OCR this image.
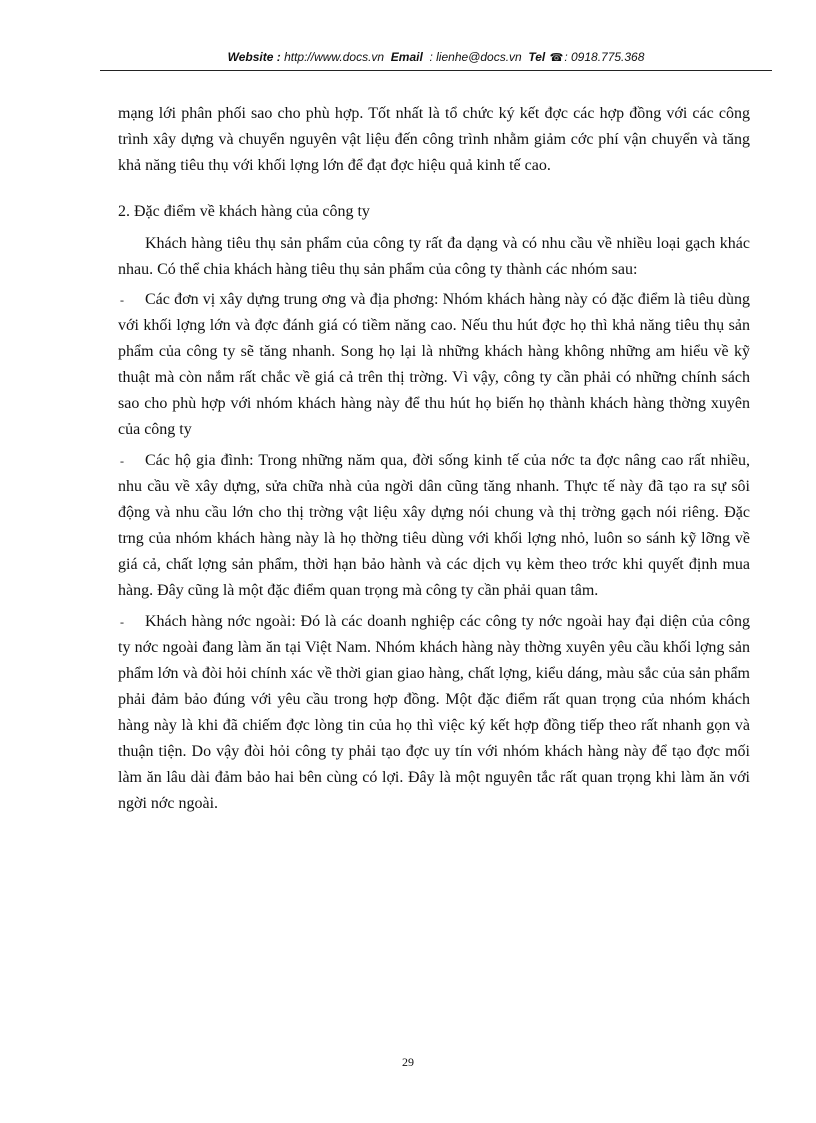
Website : http://www.docs.vn Email : lienhe@docs.vn Tel ☎: 0918.775.368

mạng lới phân phối sao cho phù hợp. Tốt nhất là tổ chức ký kết đợc các hợp đồng với các công trình xây dựng và chuyển nguyên vật liệu đến công trình nhằm giảm cớc phí vận chuyển và tăng khả năng tiêu thụ với khối lợng lớn để đạt đợc hiệu quả kinh tế cao.

2. Đặc điểm về khách hàng của công ty

Khách hàng tiêu thụ sản phẩm của công ty rất đa dạng và có nhu cầu về nhiều loại gạch khác nhau. Có thể chia khách hàng tiêu thụ sản phẩm của công ty thành các nhóm sau:

- Các đơn vị xây dựng trung ơng và địa phơng: Nhóm khách hàng này có đặc điểm là tiêu dùng với khối lợng lớn và đợc đánh giá có tiềm năng cao. Nếu thu hút đợc họ thì khả năng tiêu thụ sản phẩm của công ty sẽ tăng nhanh. Song họ lại là những khách hàng không những am hiểu về kỹ thuật mà còn nắm rất chắc về giá cả trên thị trờng. Vì vậy, công ty cần phải có những chính sách sao cho phù hợp với nhóm khách hàng này để thu hút họ biến họ thành khách hàng thờng xuyên của công ty

- Các hộ gia đình: Trong những năm qua, đời sống kinh tế của nớc ta đợc nâng cao rất nhiều, nhu cầu về xây dựng, sửa chữa nhà của ngời dân cũng tăng nhanh. Thực tế này đã tạo ra sự sôi động và nhu cầu lớn cho thị trờng vật liệu xây dựng nói chung và thị trờng gạch nói riêng. Đặc trng của nhóm khách hàng này là họ thờng tiêu dùng với khối lợng nhỏ, luôn so sánh kỹ lỡng về giá cả, chất lợng sản phẩm, thời hạn bảo hành và các dịch vụ kèm theo trớc khi quyết định mua hàng. Đây cũng là một đặc điểm quan trọng mà công ty cần phải quan tâm.

- Khách hàng nớc ngoài: Đó là các doanh nghiệp các công ty nớc ngoài hay đại diện của công ty nớc ngoài đang làm ăn tại Việt Nam. Nhóm khách hàng này thờng xuyên yêu cầu khối lợng sản phẩm lớn và đòi hỏi chính xác về thời gian giao hàng, chất lợng, kiểu dáng, màu sắc của sản phẩm phải đảm bảo đúng với yêu cầu trong hợp đồng. Một đặc điểm rất quan trọng của nhóm khách hàng này là khi đã chiếm đợc lòng tin của họ thì việc ký kết hợp đồng tiếp theo rất nhanh gọn và thuận tiện. Do vậy đòi hỏi công ty phải tạo đợc uy tín với nhóm khách hàng này để tạo đợc mối làm ăn lâu dài đảm bảo hai bên cùng có lợi. Đây là một nguyên tắc rất quan trọng khi làm ăn với ngời nớc ngoài.

29
